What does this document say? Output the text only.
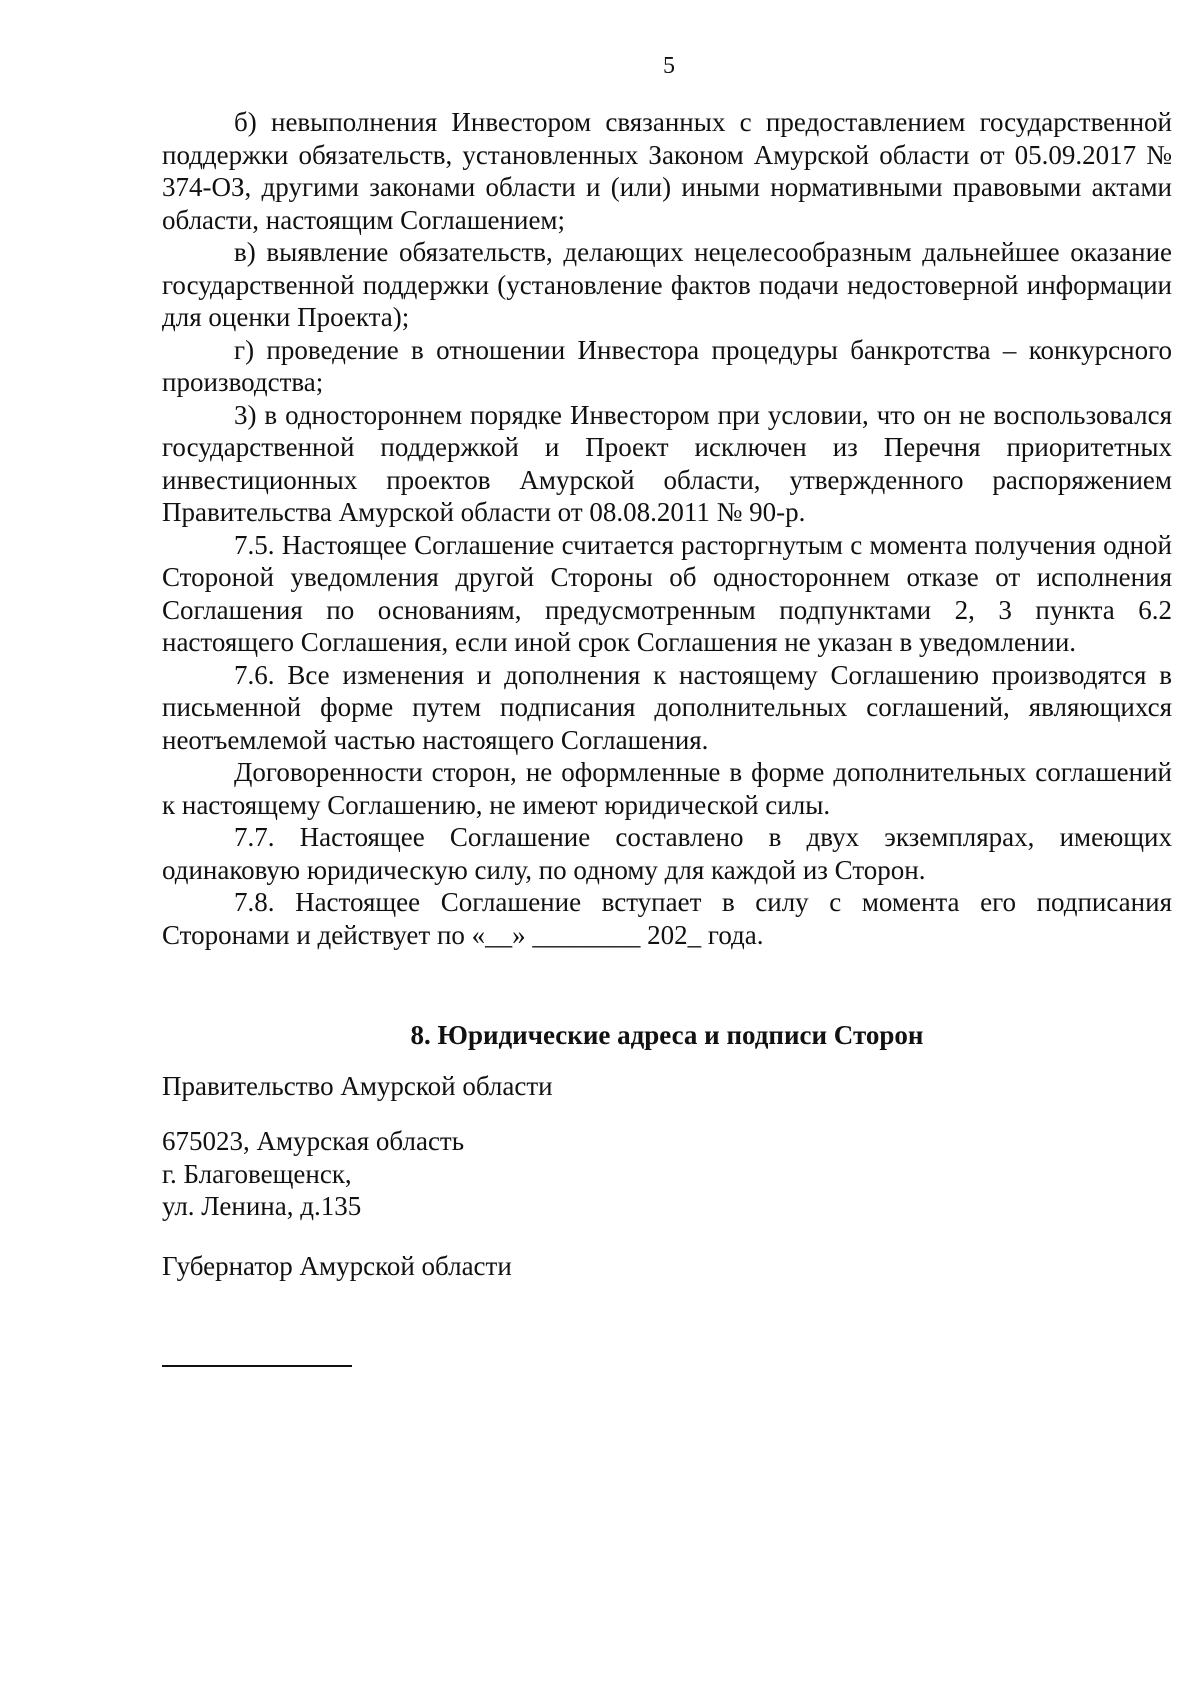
5

б) невыполнения Инвестором связанных с предоставлением государственной поддержки обязательств, установленных Законом Амурской области от 05.09.2017 № 374-ОЗ, другими законами области и (или) иными нормативными правовыми актами области, настоящим Соглашением;

в) выявление обязательств, делающих нецелесообразным дальнейшее оказание государственной поддержки (установление фактов подачи недостоверной информации для оценки Проекта);

г) проведение в отношении Инвестора процедуры банкротства – конкурсного производства;

3) в одностороннем порядке Инвестором при условии, что он не воспользовался государственной поддержкой и Проект исключен из Перечня приоритетных инвестиционных проектов Амурской области, утвержденного распоряжением Правительства Амурской области от 08.08.2011 № 90-р.

7.5. Настоящее Соглашение считается расторгнутым с момента получения одной Стороной уведомления другой Стороны об одностороннем отказе от исполнения Соглашения по основаниям, предусмотренным подпунктами 2, 3 пункта 6.2 настоящего Соглашения, если иной срок Соглашения не указан в уведомлении.

7.6. Все изменения и дополнения к настоящему Соглашению производятся в письменной форме путем подписания дополнительных соглашений, являющихся неотъемлемой частью настоящего Соглашения.

Договоренности сторон, не оформленные в форме дополнительных соглашений к настоящему Соглашению, не имеют юридической силы.

7.7. Настоящее Соглашение составлено в двух экземплярах, имеющих одинаковую юридическую силу, по одному для каждой из Сторон.

7.8. Настоящее Соглашение вступает в силу с момента его подписания Сторонами и действует по «__» ________ 202_ года.

8. Юридические адреса и подписи Сторон

Правительство Амурской области

675023, Амурская область
г. Благовещенск,
ул. Ленина, д.135

Губернатор Амурской области
